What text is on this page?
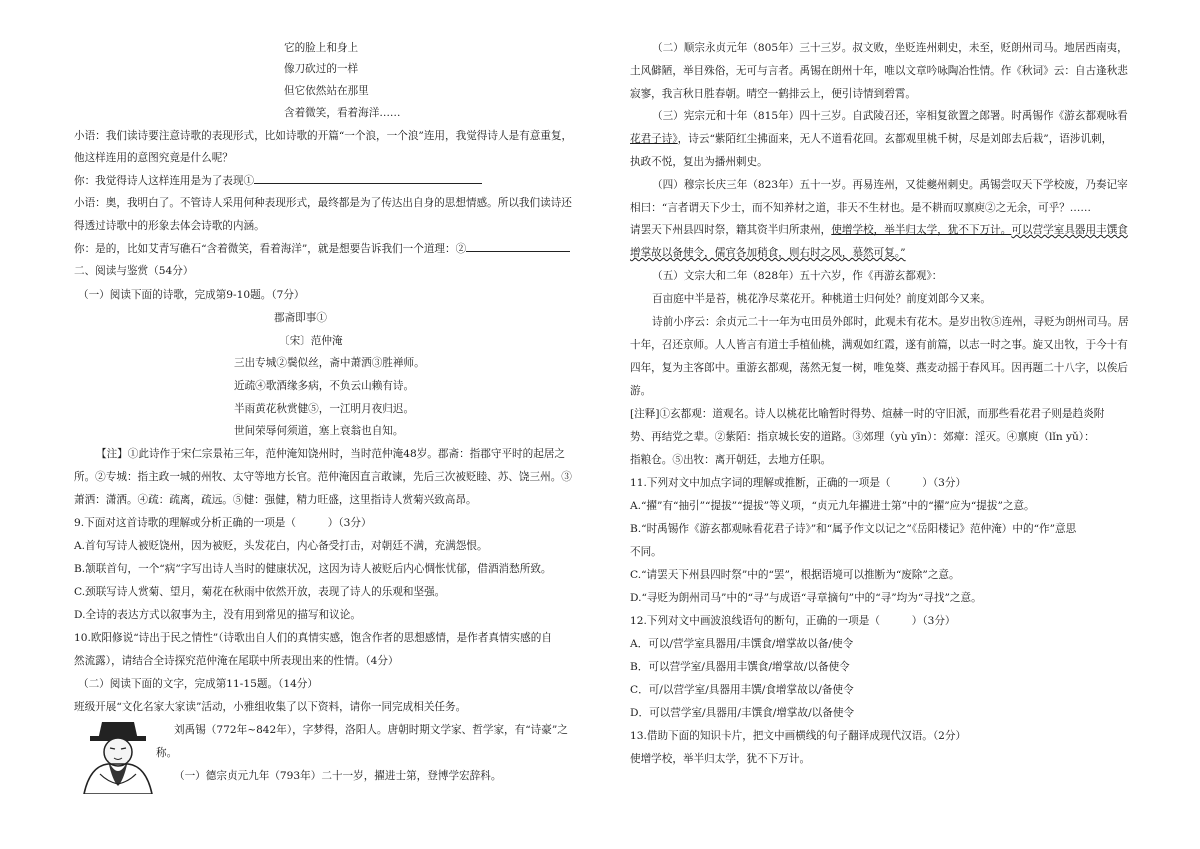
它的脸上和身上
像刀砍过的一样
但它依然站在那里
含着微笑，看着海洋……
小语：我们读诗要注意诗歌的表现形式，比如诗歌的开篇“一个浪，一个浪”连用，我觉得诗人是有意重复，
他这样连用的意图究竟是什么呢？
你：我觉得诗人这样连用是为了表现①
小语：奥，我明白了。不管诗人采用何种表现形式，最终都是为了传达出自身的思想情感。所以我们读诗还
得透过诗歌中的形象去体会诗歌的内涵。
你：是的，比如艾青写礁石“含着微笑，看着海洋”，就是想要告诉我们一个道理：②
二、阅读与鉴赏（54分）
（一）阅读下面的诗歌，完成第9-10题。（7分）
郡斋即事①
〔宋〕范仲淹
三出专城②鬓似丝，斋中萧洒③胜禅师。
近疏④歌酒缘多病，不负云山赖有诗。
半雨黄花秋赏健⑤，一江明月夜归迟。
世间荣辱何须道，塞上衰翁也自知。
【注】①此诗作于宋仁宗景祐三年，范仲淹知饶州时，当时范仲淹48岁。郡斋：指郡守平时的起居之
所。②专城：指主政一城的州牧、太守等地方长官。范仲淹因直言敢谏，先后三次被贬睦、苏、饶三州。③
萧洒：潇洒。④疏：疏离，疏远。⑤健：强健，精力旺盛，这里指诗人赏菊兴致高昂。
9.下面对这首诗歌的理解或分析正确的一项是（　　　）（3分）
A.首句写诗人被贬饶州，因为被贬，头发花白，内心备受打击，对朝廷不满，充满怨恨。
B.颔联首句，一个“病”字写出诗人当时的健康状况，这因为诗人被贬后内心惆怅忧郁，借酒消愁所致。
C.颈联写诗人赏菊、望月，菊花在秋雨中依然开放，表现了诗人的乐观和坚强。
D.全诗的表达方式以叙事为主，没有用到常见的描写和议论。
10.欧阳修说“诗出于民之情性”（诗歌出自人们的真情实感，饱含作者的思想感情，是作者真情实感的自
然流露），请结合全诗探究范仲淹在尾联中所表现出来的性情。（4分）
（二）阅读下面的文字，完成第11-15题。（14分）
班级开展“文化名家大家读”活动，小雅组收集了以下资料，请你一同完成相关任务。
刘禹锡（772年~842年），字梦得，洛阳人。唐朝时期文学家、哲学家，有“诗豪”之
称。
（一）德宗贞元九年（793年）二十一岁，擢进士第，登博学宏辞科。
（二）顺宗永贞元年（805年）三十三岁。叔文败，坐贬连州刺史，未至，贬朗州司马。地居西南夷，
土风僻陋，举目殊俗，无可与言者。禹锡在朗州十年，唯以文章吟咏陶冶性情。作《秋词》云：自古逢秋悲
寂寥，我言秋日胜春朝。晴空一鹤排云上，便引诗情到碧霄。
（三）宪宗元和十年（815年）四十三岁。自武陵召还，宰相复欲置之郎署。时禹锡作《游玄都观咏看
花君子诗》，诗云“紫陌红尘拂面来，无人不道看花回。玄都观里桃千树，尽是刘郎去后栽”，语涉讥刺，
执政不悦，复出为播州刺史。
（四）穆宗长庆三年（823年）五十一岁。再易连州，又徙夔州刺史。禹锡尝叹天下学校废，乃奏记宰
相曰：“言者谓天下少士，而不知养材之道，非天不生材也。是不耕而叹禀庾②之无余，可乎？……
请罢天下州县四时祭，籍其资半归所隶州，使增学校，举半归太学，犹不下万计。可以营学室具器用丰馔食
增掌故以备使令，儒官各加稍食，则右时之风，慕然可复。”
（五）文宗大和二年（828年）五十六岁，作《再游玄都观》：
百亩庭中半是苔，桃花净尽菜花开。种桃道士归何处？前度刘郎今又来。
诗前小序云：余贞元二十一年为屯田员外郎时，此观未有花木。是岁出牧⑤连州，寻贬为朗州司马。居
十年，召还京师。人人皆言有道士手植仙桃，满观如红霞，遂有前篇，以志一时之事。旋又出牧，于今十有
四年，复为主客郎中。重游玄都观，荡然无复一树，唯兔葵、燕麦动摇于春风耳。因再题二十八字，以俟后
游。
[注释]①玄都观：道观名。诗人以桃花比喻暂时得势、煊赫一时的守旧派，而那些看花君子则是趋炎附
势、再结党之辈。②紫陌：指京城长安的道路。③郊理（yù yīn）：郊瘴：淫灭。④禀庾（lǐn yǔ）：
指粮仓。⑤出牧：离开朝廷，去地方任职。
11.下列对文中加点字词的理解或推断，正确的一项是（　　　）（3分）
A.“擢”有“抽引”“提拔”“提拔”等义项，“贞元九年擢进士第”中的“擢”应为“提拔”之意。
B.“时禹锡作《游玄都观咏看花君子诗》”和“属予作文以记之”《岳阳楼记》范仲淹）中的“作”意思
不同。
C.“请罢天下州县四时祭”中的“罢”，根据语境可以推断为“废除”之意。
D.“寻贬为朗州司马”中的“寻”与成语“寻章摘句”中的“寻”均为“寻找”之意。
12.下列对文中画波浪线语句的断句，正确的一项是（　　　）（3分）
A．可以/营学室具器用/丰馔食/增掌故以备/使令
B．可以营学室/具器用丰馔食/增掌故/以备使令
C．可/以营学室/具器用丰馔/食增掌故以/备使令
D．可以营学室/具器用/丰馔食/增掌故/以备使令
13.借助下面的知识卡片，把文中画横线的句子翻译成现代汉语。（2分）
使增学校，举半归太学，犹不下万计。
